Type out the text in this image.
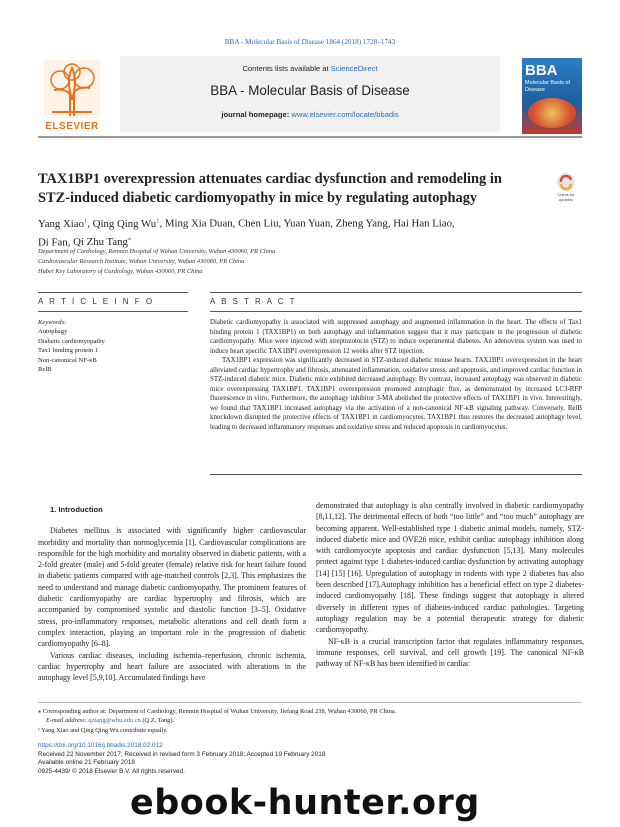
BBA - Molecular Basis of Disease 1864 (2018) 1728–1743
ELSEVIER
Contents lists available at ScienceDirect
BBA - Molecular Basis of Disease
journal homepage: www.elsevier.com/locate/bbadis
BBA
Molecular Basis of Disease
TAX1BP1 overexpression attenuates cardiac dysfunction and remodeling in STZ-induced diabetic cardiomyopathy in mice by regulating autophagy	Check for updates
Yang Xiao$^1$, Qing Qing Wu$^1$, Ming Xia Duan, Chen Liu, Yuan Yuan, Zheng Yang, Hai Han Liao,
Di Fan, Qi Zhu Tang⁎
Department of Cardiology, Renmin Hospital of Wuhan University, Wuhan 430060, PR China
Cardiovascular Research Institute, Wuhan University, Wuhan 430060, PR China
Hubei Key Laboratory of Cardiology, Wuhan 430060, PR China
A R T I C L E I N F O	A B S T R A C T
Keywords:
Autophagy
Diabetic cardiomyopathy
Tax1 binding protein 1
Non-canonical NF-κB
RelB

Diabetic cardiomyopathy is associated with suppressed autophagy and augmented inflammation in the heart. The effects of Tax1 binding protein 1 (TAX1BP1) on both autophagy and inflammation suggest that it may participate in the progression of diabetic cardiomyopathy. Mice were injected with streptozotocin (STZ) to induce experimental diabetes. An adenovirus system was used to induce heart specific TAX1BP1 overexpression 12 weeks after STZ injection.

TAX1BP1 expression was significantly decreased in STZ-induced diabetic mouse hearts. TAX1BP1 overexpression in the heart alleviated cardiac hypertrophy and fibrosis, attenuated inflammation, oxidative stress, and apoptosis, and improved cardiac function in STZ-induced diabetic mice. Diabetic mice exhibited decreased autophagy. By contrast, increased autophagy was observed in diabetic mice overexpressing TAX1BP1. TAX1BP1 overexpression promoted autophagic flux, as demonstrated by increased LC3-RFP fluorescence in vitro. Furthermore, the autophagy inhibitor 3-MA abolished the protective effects of TAX1BP1 in vivo. Interestingly, we found that TAX1BP1 increased autophagy via the activation of a non-canonical NF-κB signaling pathway. Conversely, RelB knockdown disrupted the protective effects of TAX1BP1 in cardiomyocytes. TAX1BP1 thus restores the decreased autophagy level, leading to decreased inflammatory responses and oxidative stress and reduced apoptosis in cardiomyocytes.

1. Introduction

Diabetes mellitus is associated with significantly higher cardiovascular morbidity and mortality than normoglycemia [1]. Cardiovascular complications are responsible for the high morbidity and mortality observed in diabetic patients, with a 2-fold greater (male) and 5-fold greater (female) relative risk for heart failure found in diabetic patients compared with age-matched controls [2,3]. This emphasizes the need to understand and manage diabetic cardiomyopathy. The prominent features of diabetic cardiomyopathy are cardiac hypertrophy and fibrosis, which are accompanied by compromised systolic and diastolic function [3–5]. Oxidative stress, pro-inflammatory responses, metabolic alterations and cell death form a complex interaction, playing an important role in the progression of diabetic cardiomyopathy [6–8].

Various cardiac diseases, including ischemia–reperfusion, chronic ischemia, cardiac hypertrophy and heart failure are associated with alterations in the autophagy level [5,9,10]. Accumulated findings have

demonstrated that autophagy is also centrally involved in diabetic cardiomyopathy [8,11,12]. The detrimental effects of both “too little” and “too much” autophagy are becoming apparent. Well-established type 1 diabetic animal models, namely, STZ-induced diabetic mice and OVE26 mice, exhibit cardiac autophagy inhibition along with cardiomyocyte apoptosis and cardiac dysfunction [5,13]. Many molecules protect against type 1 diabetes-induced cardiac dysfunction by activating autophagy [14] [15] [16]. Upregulation of autophagy in rodents with type 2 diabetes has also been described [17].Autophagy inhibition has a beneficial effect on type 2 diabetes-induced cardiomyopathy [18]. These findings suggest that autophagy is altered diversely in different types of diabetes-induced cardiac pathologies. Targeting autophagy regulation may be a potential therapeutic strategy for diabetic cardiomyopathy.

NF-κB is a crucial transcription factor that regulates inflammatory responses, immune responses, cell survival, and cell growth [19]. The canonical NF-κB pathway of NF-κB has been identified in cardiac

⁎ Corresponding author at: Department of Cardiology, Renmin Hospital of Wuhan University, Jiefang Road 238, Wuhan 430060, PR China.
E-mail address: qztang@whu.edu.cn (Q.Z. Tang).
¹ Yang Xiao and Qing Qing Wu contribute equally.
https://doi.org/10.1016/j.bbadis.2018.02.012
Received 22 November 2017; Received in revised form 3 February 2018; Accepted 19 February 2018
Available online 21 February 2018
0925-4439/ © 2018 Elsevier B.V. All rights reserved.
ebook-hunter.org
